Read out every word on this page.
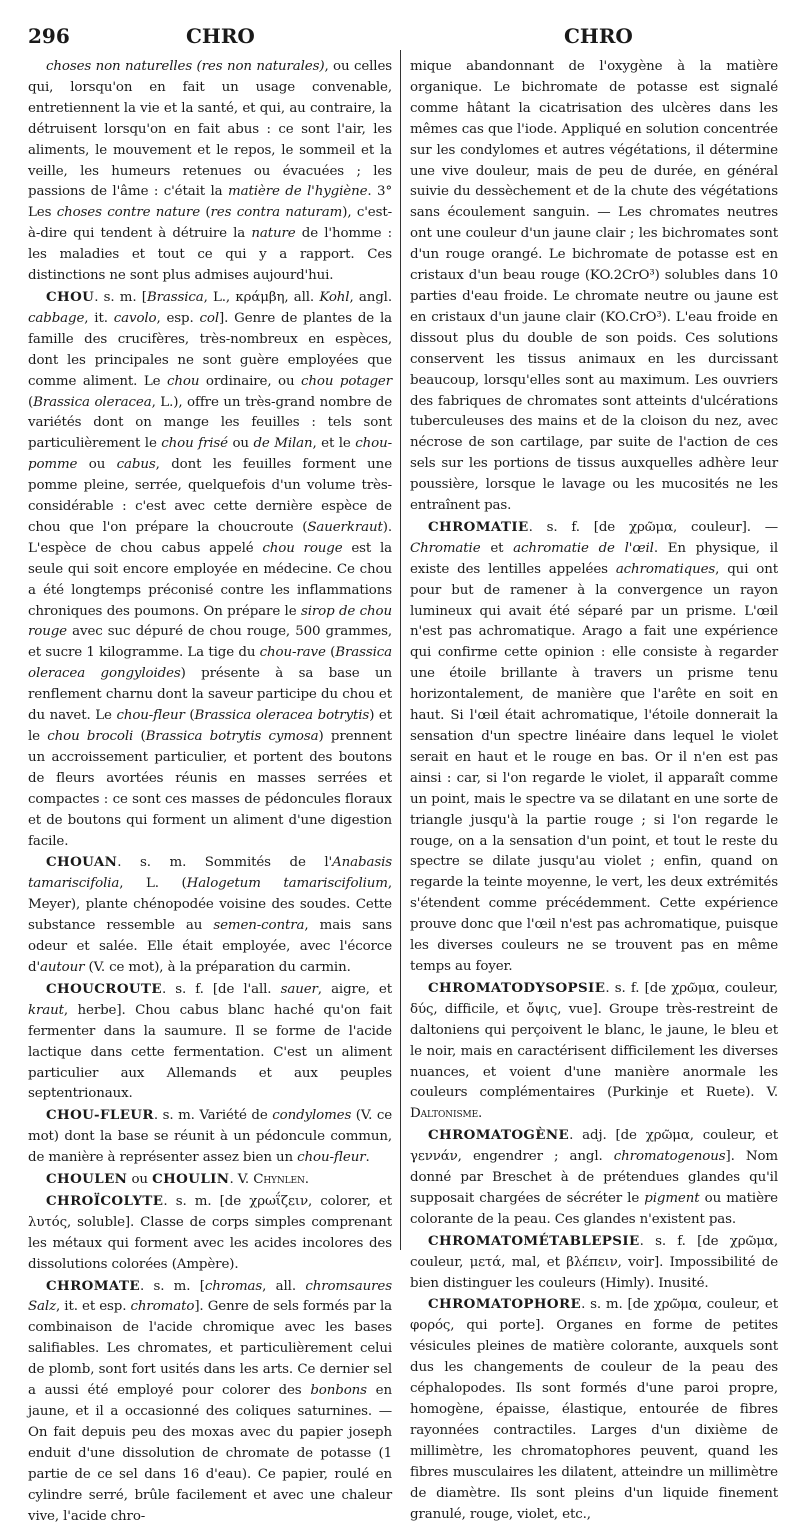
296	CHRO	CHRO

choses non naturelles (res non naturales), ou celles qui, lorsqu'on en fait un usage convenable, entretiennent la vie et la santé, et qui, au contraire, la détruisent lorsqu'on en fait abus : ce sont l'air, les aliments, le mouvement et le repos, le sommeil et la veille, les humeurs retenues ou évacuées ; les passions de l'âme : c'était la matière de l'hygiène. 3° Les choses contre nature (res contra naturam), c'est-à-dire qui tendent à détruire la nature de l'homme : les maladies et tout ce qui y a rapport. Ces distinctions ne sont plus admises aujourd'hui.

CHOU. s. m. [Brassica, L., κράμβη, all. Kohl, angl. cabbage, it. cavolo, esp. col]. Genre de plantes de la famille des crucifères, très-nombreux en espèces, dont les principales ne sont guère employées que comme aliment. Le chou ordinaire, ou chou potager (Brassica oleracea, L.), offre un très-grand nombre de variétés dont on mange les feuilles : tels sont particulièrement le chou frisé ou de Milan, et le chou-pomme ou cabus, dont les feuilles forment une pomme pleine, serrée, quelquefois d'un volume très-considérable : c'est avec cette dernière espèce de chou que l'on prépare la choucroute (Sauerkraut). L'espèce de chou cabus appelé chou rouge est la seule qui soit encore employée en médecine. Ce chou a été longtemps préconisé contre les inflammations chroniques des poumons. On prépare le sirop de chou rouge avec suc dépuré de chou rouge, 500 grammes, et sucre 1 kilogramme. La tige du chou-rave (Brassica oleracea gongyloides) présente à sa base un renflement charnu dont la saveur participe du chou et du navet. Le chou-fleur (Brassica oleracea botrytis) et le chou brocoli (Brassica botrytis cymosa) prennent un accroissement particulier, et portent des boutons de fleurs avortées réunis en masses serrées et compactes : ce sont ces masses de pédoncules floraux et de boutons qui forment un aliment d'une digestion facile.

CHOUAN. s. m. Sommités de l'Anabasis tamariscifolia, L. (Halogetum tamariscifolium, Meyer), plante chénopodée voisine des soudes. Cette substance ressemble au semen-contra, mais sans odeur et salée. Elle était employée, avec l'écorce d'autour (V. ce mot), à la préparation du carmin.

CHOUCROUTE. s. f. [de l'all. sauer, aigre, et kraut, herbe]. Chou cabus blanc haché qu'on fait fermenter dans la saumure. Il se forme de l'acide lactique dans cette fermentation. C'est un aliment particulier aux Allemands et aux peuples septentrionaux.

CHOU-FLEUR. s. m. Variété de condylomes (V. ce mot) dont la base se réunit à un pédoncule commun, de manière à représenter assez bien un chou-fleur.

CHOULEN ou CHOULIN. V. Chynlen.

CHROÏCOLYTE. s. m. [de χρωΐζειν, colorer, et λυτός, soluble]. Classe de corps simples comprenant les métaux qui forment avec les acides incolores des dissolutions colorées (Ampère).

CHROMATE. s. m. [chromas, all. chromsaures Salz, it. et esp. chromato]. Genre de sels formés par la combinaison de l'acide chromique avec les bases salifiables. Les chromates, et particulièrement celui de plomb, sont fort usités dans les arts. Ce dernier sel a aussi été employé pour colorer des bonbons en jaune, et il a occasionné des coliques saturnines. — On fait depuis peu des moxas avec du papier joseph enduit d'une dissolution de chromate de potasse (1 partie de ce sel dans 16 d'eau). Ce papier, roulé en cylindre serré, brûle facilement et avec une chaleur vive, l'acide chro-

mique abandonnant de l'oxygène à la matière organique. Le bichromate de potasse est signalé comme hâtant la cicatrisation des ulcères dans les mêmes cas que l'iode. Appliqué en solution concentrée sur les condylomes et autres végétations, il détermine une vive douleur, mais de peu de durée, en général suivie du dessèchement et de la chute des végétations sans écoulement sanguin. — Les chromates neutres ont une couleur d'un jaune clair ; les bichromates sont d'un rouge orangé. Le bichromate de potasse est en cristaux d'un beau rouge (KO.2CrO³) solubles dans 10 parties d'eau froide. Le chromate neutre ou jaune est en cristaux d'un jaune clair (KO.CrO³). L'eau froide en dissout plus du double de son poids. Ces solutions conservent les tissus animaux en les durcissant beaucoup, lorsqu'elles sont au maximum. Les ouvriers des fabriques de chromates sont atteints d'ulcérations tuberculeuses des mains et de la cloison du nez, avec nécrose de son cartilage, par suite de l'action de ces sels sur les portions de tissus auxquelles adhère leur poussière, lorsque le lavage ou les mucosités ne les entraînent pas.

CHROMATIE. s. f. [de χρῶμα, couleur]. — Chromatie et achromatie de l'œil. En physique, il existe des lentilles appelées achromatiques, qui ont pour but de ramener à la convergence un rayon lumineux qui avait été séparé par un prisme. L'œil n'est pas achromatique. Arago a fait une expérience qui confirme cette opinion : elle consiste à regarder une étoile brillante à travers un prisme tenu horizontalement, de manière que l'arête en soit en haut. Si l'œil était achromatique, l'étoile donnerait la sensation d'un spectre linéaire dans lequel le violet serait en haut et le rouge en bas. Or il n'en est pas ainsi : car, si l'on regarde le violet, il apparaît comme un point, mais le spectre va se dilatant en une sorte de triangle jusqu'à la partie rouge ; si l'on regarde le rouge, on a la sensation d'un point, et tout le reste du spectre se dilate jusqu'au violet ; enfin, quand on regarde la teinte moyenne, le vert, les deux extrémités s'étendent comme précédemment. Cette expérience prouve donc que l'œil n'est pas achromatique, puisque les diverses couleurs ne se trouvent pas en même temps au foyer.

CHROMATODYSOPSIE. s. f. [de χρῶμα, couleur, δύς, difficile, et ὄψις, vue]. Groupe très-restreint de daltoniens qui perçoivent le blanc, le jaune, le bleu et le noir, mais en caractérisent difficilement les diverses nuances, et voient d'une manière anormale les couleurs complémentaires (Purkinje et Ruete). V. Daltonisme.

CHROMATOGÈNE. adj. [de χρῶμα, couleur, et γεννάν, engendrer ; angl. chromatogenous]. Nom donné par Breschet à de prétendues glandes qu'il supposait chargées de sécréter le pigment ou matière colorante de la peau. Ces glandes n'existent pas.

CHROMATOMÉTABLEPSIE. s. f. [de χρῶμα, couleur, μετά, mal, et βλέπειν, voir]. Impossibilité de bien distinguer les couleurs (Himly). Inusité.

CHROMATOPHORE. s. m. [de χρῶμα, couleur, et φορός, qui porte]. Organes en forme de petites vésicules pleines de matière colorante, auxquels sont dus les changements de couleur de la peau des céphalopodes. Ils sont formés d'une paroi propre, homogène, épaisse, élastique, entourée de fibres rayonnées contractiles. Larges d'un dixième de millimètre, les chromatophores peuvent, quand les fibres musculaires les dilatent, atteindre un millimètre de diamètre. Ils sont pleins d'un liquide finement granulé, rouge, violet, etc.,
